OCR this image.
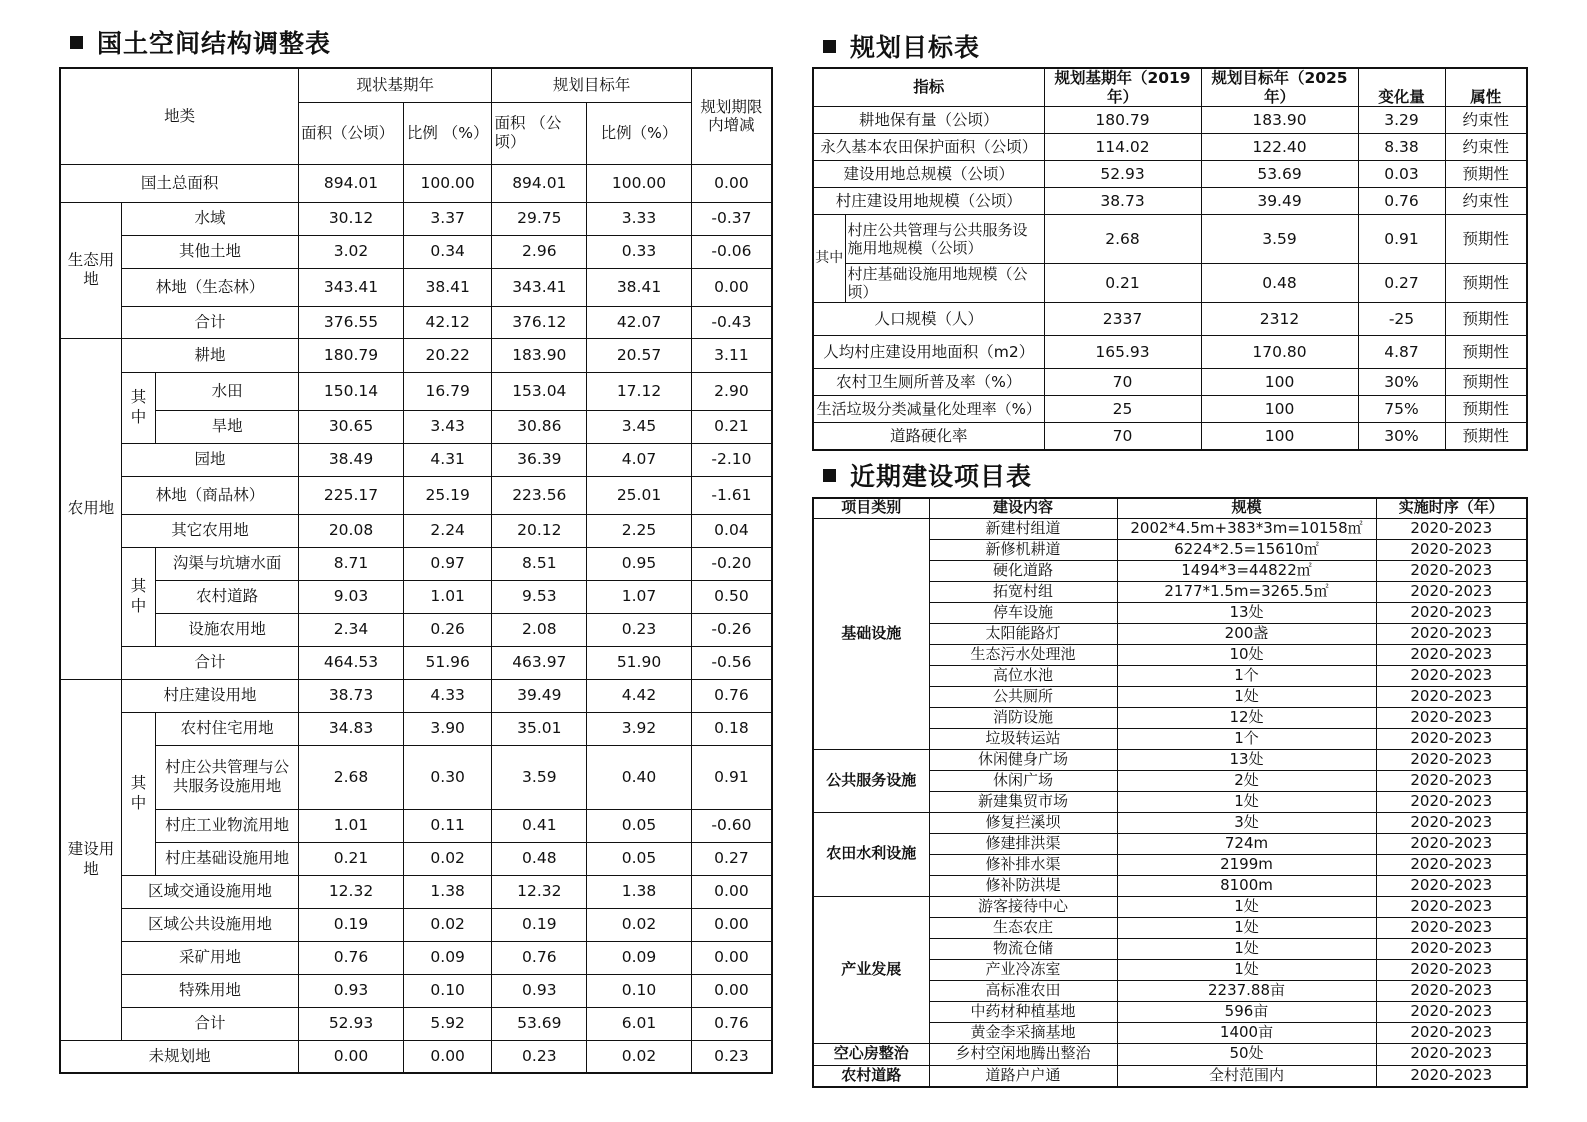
国土空间结构调整表	规划目标表
近期建设项目表
地类			现状基期年		规划目标年		规划期限内增减
			面积（公顷）	比例 （%）	面积 （公顷）	比例（%）	
国土总面积			894.01	100.00	894.01	100.00	0.00
生态用地	水域		30.12	3.37	29.75	3.33	-0.37
	其他土地		3.02	0.34	2.96	0.33	-0.06
	林地（生态林）		343.41	38.41	343.41	38.41	0.00
	合计		376.55	42.12	376.12	42.07	-0.43
农用地	耕地		180.79	20.22	183.90	20.57	3.11
	其中	水田	150.14	16.79	153.04	17.12	2.90
		旱地	30.65	3.43	30.86	3.45	0.21
	园地		38.49	4.31	36.39	4.07	-2.10
	林地（商品林）		225.17	25.19	223.56	25.01	-1.61
	其它农用地		20.08	2.24	20.12	2.25	0.04
	其中	沟渠与坑塘水面	8.71	0.97	8.51	0.95	-0.20
		农村道路	9.03	1.01	9.53	1.07	0.50
		设施农用地	2.34	0.26	2.08	0.23	-0.26
	合计		464.53	51.96	463.97	51.90	-0.56
建设用地	村庄建设用地		38.73	4.33	39.49	4.42	0.76
	其中	农村住宅用地	34.83	3.90	35.01	3.92	0.18
		村庄公共管理与公共服务设施用地	2.68	0.30	3.59	0.40	0.91
		村庄工业物流用地	1.01	0.11	0.41	0.05	-0.60
		村庄基础设施用地	0.21	0.02	0.48	0.05	0.27
	区域交通设施用地		12.32	1.38	12.32	1.38	0.00
	区域公共设施用地		0.19	0.02	0.19	0.02	0.00
	采矿用地		0.76	0.09	0.76	0.09	0.00
	特殊用地		0.93	0.10	0.93	0.10	0.00
	合计		52.93	5.92	53.69	6.01	0.76
未规划地			0.00	0.00	0.23	0.02	0.23
指标		规划基期年（2019年）	规划目标年（2025年）	变化量	属性
耕地保有量（公顷）		180.79	183.90	3.29	约束性
永久基本农田保护面积（公顷）		114.02	122.40	8.38	约束性
建设用地总规模（公顷）		52.93	53.69	0.03	预期性
村庄建设用地规模（公顷）		38.73	39.49	0.76	约束性
其中	村庄公共管理与公共服务设施用地规模（公顷）	2.68	3.59	0.91	预期性
	村庄基础设施用地规模（公顷）	0.21	0.48	0.27	预期性
人口规模（人）		2337	2312	-25	预期性
人均村庄建设用地面积（m2）		165.93	170.80	4.87	预期性
农村卫生厕所普及率（%）		70	100	30%	预期性
生活垃圾分类减量化处理率（%）		25	100	75%	预期性
道路硬化率		70	100	30%	预期性
项目类别	建设内容	规模	实施时序（年）
基础设施	新建村组道	2002*4.5m+383*3m=10158㎡	2020-2023
	新修机耕道	6224*2.5=15610㎡	2020-2023
	硬化道路	1494*3=44822㎡	2020-2023
	拓宽村组	2177*1.5m=3265.5㎡	2020-2023
	停车设施	13处	2020-2023
	太阳能路灯	200盏	2020-2023
	生态污水处理池	10处	2020-2023
	高位水池	1个	2020-2023
	公共厕所	1处	2020-2023
	消防设施	12处	2020-2023
	垃圾转运站	1个	2020-2023
公共服务设施	休闲健身广场	13处	2020-2023
	休闲广场	2处	2020-2023
	新建集贸市场	1处	2020-2023
农田水利设施	修复拦溪坝	3处	2020-2023
	修建排洪渠	724m	2020-2023
	修补排水渠	2199m	2020-2023
	修补防洪堤	8100m	2020-2023
产业发展	游客接待中心	1处	2020-2023
	生态农庄	1处	2020-2023
	物流仓储	1处	2020-2023
	产业冷冻室	1处	2020-2023
	高标准农田	2237.88亩	2020-2023
	中药材种植基地	596亩	2020-2023
	黄金李采摘基地	1400亩	2020-2023
空心房整治	乡村空闲地腾出整治	50处	2020-2023
农村道路	道路户户通	全村范围内	2020-2023
